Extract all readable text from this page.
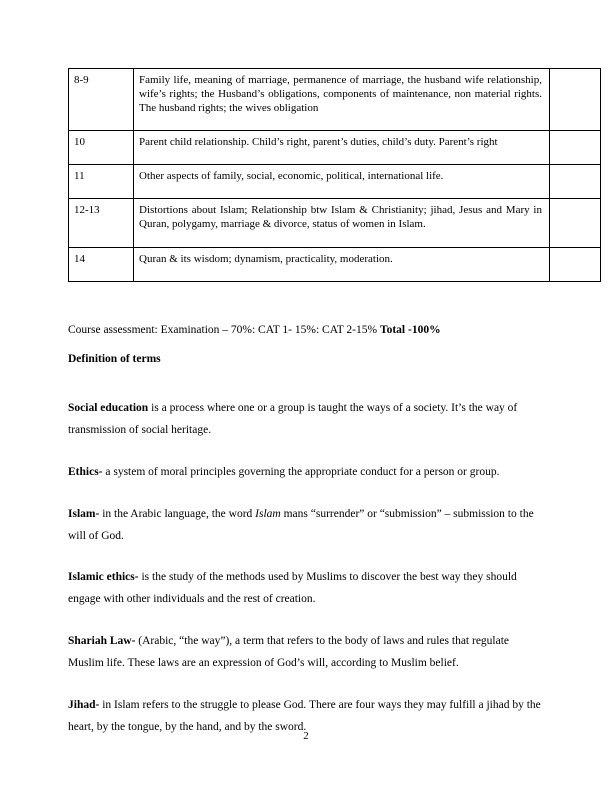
8-9	Family life, meaning of marriage, permanence of marriage, the husband wife relationship, wife’s rights; the Husband’s obligations, components of maintenance, non material rights. The husband rights; the wives obligation	
10	Parent child relationship. Child’s right, parent’s duties, child’s duty. Parent’s right	
11	Other aspects of family, social, economic, political, international life.	
12-13	Distortions about Islam; Relationship btw Islam & Christianity; jihad, Jesus and Mary in Quran, polygamy, marriage & divorce, status of women in Islam.	
14	Quran & its wisdom; dynamism, practicality, moderation.	

Course assessment: Examination – 70%: CAT 1- 15%: CAT 2-15% Total -100%

Definition of terms

Social education is a process where one or a group is taught the ways of a society. It’s the way of transmission of social heritage.

Ethics- a system of moral principles governing the appropriate conduct for a person or group.

Islam- in the Arabic language, the word Islam mans “surrender” or “submission” – submission to the will of God.

Islamic ethics- is the study of the methods used by Muslims to discover the best way they should engage with other individuals and the rest of creation.

Shariah Law- (Arabic, “the way”), a term that refers to the body of laws and rules that regulate Muslim life. These laws are an expression of God’s will, according to Muslim belief.

Jihad- in Islam refers to the struggle to please God. There are four ways they may fulfill a jihad by the heart, by the tongue, by the hand, and by the sword.

2
